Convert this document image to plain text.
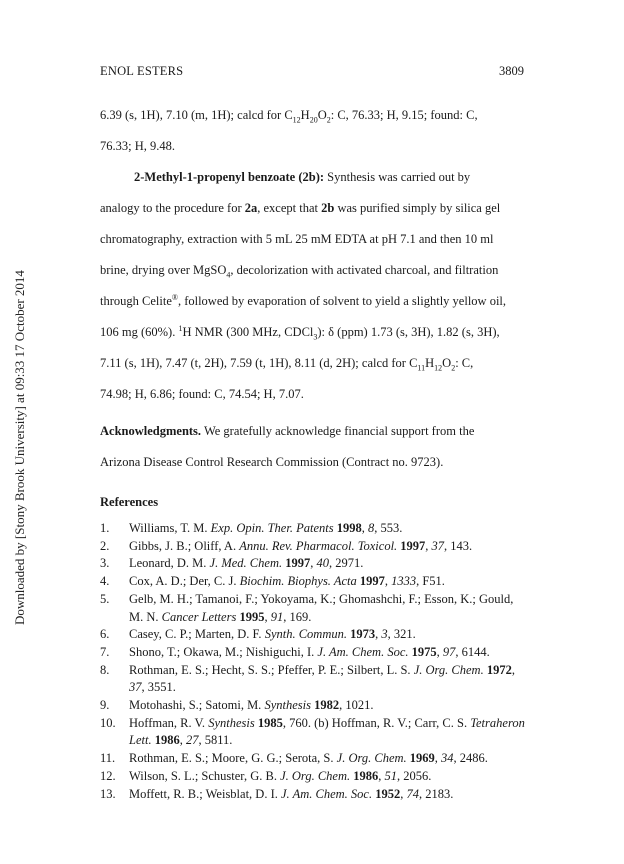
Downloaded by [Stony Brook University] at 09:33 17 October 2014
ENOL ESTERS	3809
6.39 (s, 1H), 7.10 (m, 1H); calcd for $C_{12}H_{20}O_2$: C, 76.33; H, 9.15; found: C,
76.33; H, 9.48.
2-Methyl-1-propenyl benzoate (2b): Synthesis was carried out by
analogy to the procedure for 2a, except that 2b was purified simply by silica gel
chromatography, extraction with 5 mL 25 mM EDTA at pH 7.1 and then 10 ml
brine, drying over MgSO$_4$, decolorization with activated charcoal, and filtration
through Celite®, followed by evaporation of solvent to yield a slightly yellow oil,
106 mg (60%). $^1$H NMR (300 MHz, CDCl$_3$): δ (ppm) 1.73 (s, 3H), 1.82 (s, 3H),
7.11 (s, 1H), 7.47 (t, 2H), 7.59 (t, 1H), 8.11 (d, 2H); calcd for $C_{11}H_{12}O_2$: C,
74.98; H, 6.86; found: C, 74.54; H, 7.07.
Acknowledgments. We gratefully acknowledge financial support from the
Arizona Disease Control Research Commission (Contract no. 9723).
References
1.	Williams, T. M. Exp. Opin. Ther. Patents 1998, 8, 553.
2.	Gibbs, J. B.; Oliff, A. Annu. Rev. Pharmacol. Toxicol. 1997, 37, 143.
3.	Leonard, D. M. J. Med. Chem. 1997, 40, 2971.
4.	Cox, A. D.; Der, C. J. Biochim. Biophys. Acta 1997, 1333, F51.
5.	Gelb, M. H.; Tamanoi, F.; Yokoyama, K.; Ghomashchi, F.; Esson, K.; Gould, M. N. Cancer Letters 1995, 91, 169.
6.	Casey, C. P.; Marten, D. F. Synth. Commun. 1973, 3, 321.
7.	Shono, T.; Okawa, M.; Nishiguchi, I. J. Am. Chem. Soc. 1975, 97, 6144.
8.	Rothman, E. S.; Hecht, S. S.; Pfeffer, P. E.; Silbert, L. S. J. Org. Chem. 1972, 37, 3551.
9.	Motohashi, S.; Satomi, M. Synthesis 1982, 1021.
10.	Hoffman, R. V. Synthesis 1985, 760. (b) Hoffman, R. V.; Carr, C. S. Tetraheron Lett. 1986, 27, 5811.
11.	Rothman, E. S.; Moore, G. G.; Serota, S. J. Org. Chem. 1969, 34, 2486.
12.	Wilson, S. L.; Schuster, G. B. J. Org. Chem. 1986, 51, 2056.
13.	Moffett, R. B.; Weisblat, D. I. J. Am. Chem. Soc. 1952, 74, 2183.
